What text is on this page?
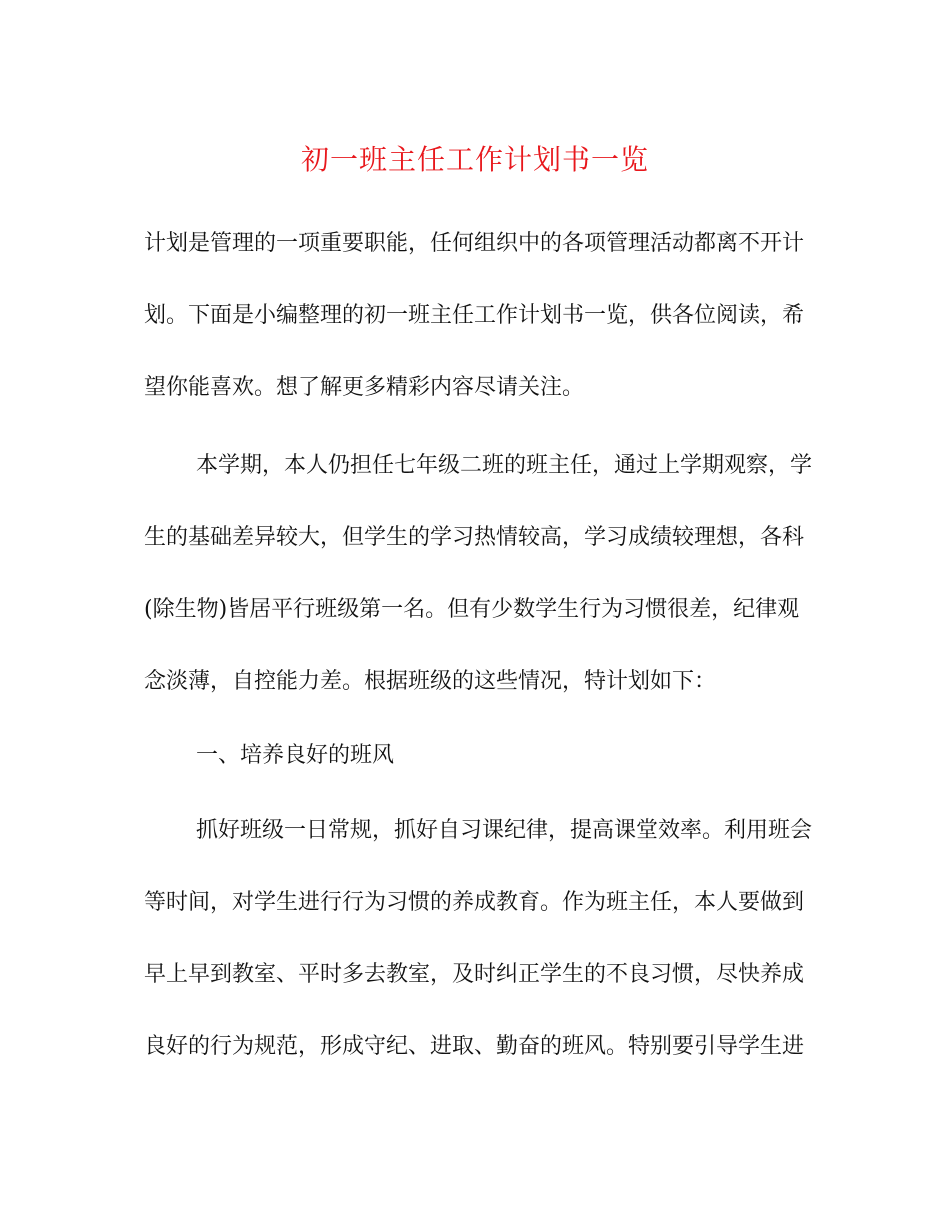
初一班主任工作计划书一览
计划是管理的一项重要职能，任何组织中的各项管理活动都离不开计
划。下面是小编整理的初一班主任工作计划书一览，供各位阅读，希
望你能喜欢。想了解更多精彩内容尽请关注。
本学期，本人仍担任七年级二班的班主任，通过上学期观察，学
生的基础差异较大，但学生的学习热情较高，学习成绩较理想，各科
(除生物)皆居平行班级第一名。但有少数学生行为习惯很差，纪律观
念淡薄，自控能力差。根据班级的这些情况，特计划如下：
一、培养良好的班风
抓好班级一日常规，抓好自习课纪律，提高课堂效率。利用班会
等时间，对学生进行行为习惯的养成教育。作为班主任，本人要做到
早上早到教室、平时多去教室，及时纠正学生的不良习惯，尽快养成
良好的行为规范，形成守纪、进取、勤奋的班风。特别要引导学生进
